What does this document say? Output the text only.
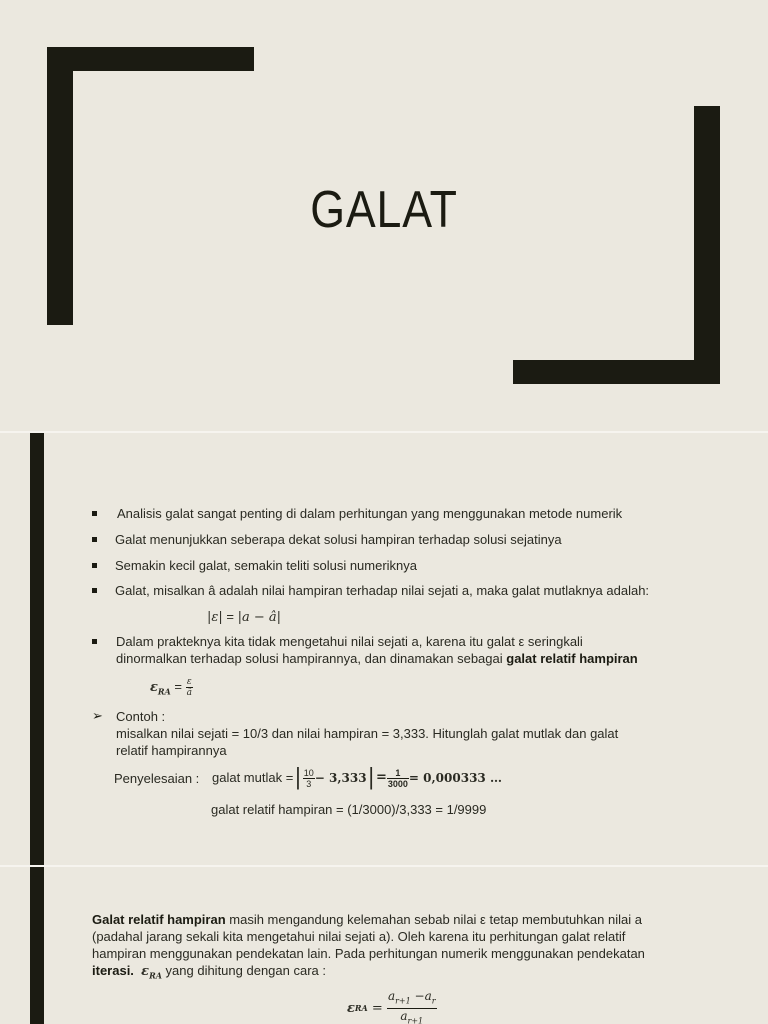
GALAT
Analisis galat sangat penting di dalam perhitungan yang menggunakan metode numerik
Galat menunjukkan seberapa dekat solusi hampiran terhadap solusi sejatinya
Semakin kecil galat, semakin teliti solusi numeriknya
Galat, misalkan â adalah nilai hampiran terhadap nilai sejati a, maka galat mutlaknya adalah:
|ε| = |a − â|
Dalam prakteknya kita tidak mengetahui nilai sejati a, karena itu galat ε seringkali
dinormalkan terhadap solusi hampirannya, dan dinamakan sebagai galat relatif hampiran
$\varepsilon_{RA} = \frac{\varepsilon}{â}$
➢ Contoh :
misalkan nilai sejati = 10/3 dan nilai hampiran = 3,333. Hitunglah galat mutlak dan galat
relatif hampirannya
Penyelesaian : galat mutlak = | $\frac{10}{3} - 3,333$ | = $\frac{1}{3000} = 0,000333$ …
galat relatif hampiran = (1/3000)/3,333 = 1/9999
Galat relatif hampiran masih mengandung kelemahan sebab nilai ε tetap membutuhkan nilai a
(padahal jarang sekali kita mengetahui nilai sejati a). Oleh karena itu perhitungan galat relatif
hampiran menggunakan pendekatan lain. Pada perhitungan numerik menggunakan pendekatan
iterasi. $\varepsilon_{RA}$ yang dihitung dengan cara :
ε RA = $\frac{a_{r+1} -a_r}{a_{r+1}}$
